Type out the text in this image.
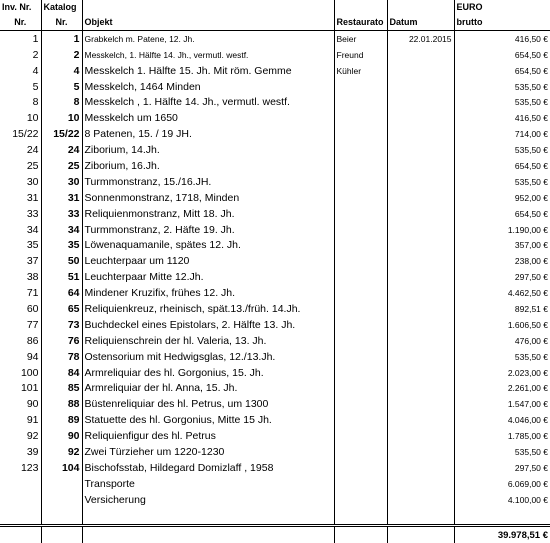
Inv. Nr.	Katalog				EURO
Nr.	Nr.	Objekt	Restaurato	Datum	brutto
1	1	Grabkelch m. Patene, 12. Jh.	Beier	22.01.2015	416,50 €
2	2	Messkelch, 1. Hälfte 14. Jh., vermutl. westf.	Freund		654,50 €
4	4	Messkelch 1. Hälfte 15. Jh. Mit röm. Gemme	Kühler		654,50 €
5	5	Messkelch, 1464 Minden			535,50 €
8	8	Messkelch , 1. Hälfte 14. Jh., vermutl. westf.			535,50 €
10	10	Messkelch um 1650			416,50 €
15/22	15/22	8 Patenen, 15. / 19 JH.			714,00 €
24	24	Ziborium, 14.Jh.			535,50 €
25	25	Ziborium, 16.Jh.			654,50 €
30	30	Turmmonstranz, 15./16.JH.			535,50 €
31	31	Sonnenmonstranz, 1718, Minden			952,00 €
33	33	Reliquienmonstranz, Mitt 18. Jh.			654,50 €
34	34	Turmmonstranz, 2. Häfte 19. Jh.			1.190,00 €
35	35	Löwenaquamanile, spätes 12. Jh.			357,00 €
37	50	Leuchterpaar um 1120			238,00 €
38	51	Leuchterpaar Mitte 12.Jh.			297,50 €
71	64	Mindener Kruzifix, frühes 12. Jh.			4.462,50 €
60	65	Reliquienkreuz, rheinisch, spät.13./früh. 14.Jh.			892,51 €
77	73	Buchdeckel eines Epistolars, 2. Hälfte 13. Jh.			1.606,50 €
86	76	Reliquienschrein der hl. Valeria, 13. Jh.			476,00 €
94	78	Ostensorium mit Hedwigsglas, 12./13.Jh.			535,50 €
100	84	Armreliquiar des hl. Gorgonius, 15. Jh.			2.023,00 €
101	85	Armreliquiar der hl. Anna, 15. Jh.			2.261,00 €
90	88	Büstenreliquiar des hl. Petrus, um 1300			1.547,00 €
91	89	Statuette des hl. Gorgonius, Mitte 15 Jh.			4.046,00 €
92	90	Reliquienfigur des hl. Petrus			1.785,00 €
39	92	Zwei Türzieher um 1220-1230			535,50 €
123	104	Bischofsstab, Hildegard Domizlaff , 1958			297,50 €
		Transporte			6.069,00 €
		Versicherung			4.100,00 €

					39.978,51 €
